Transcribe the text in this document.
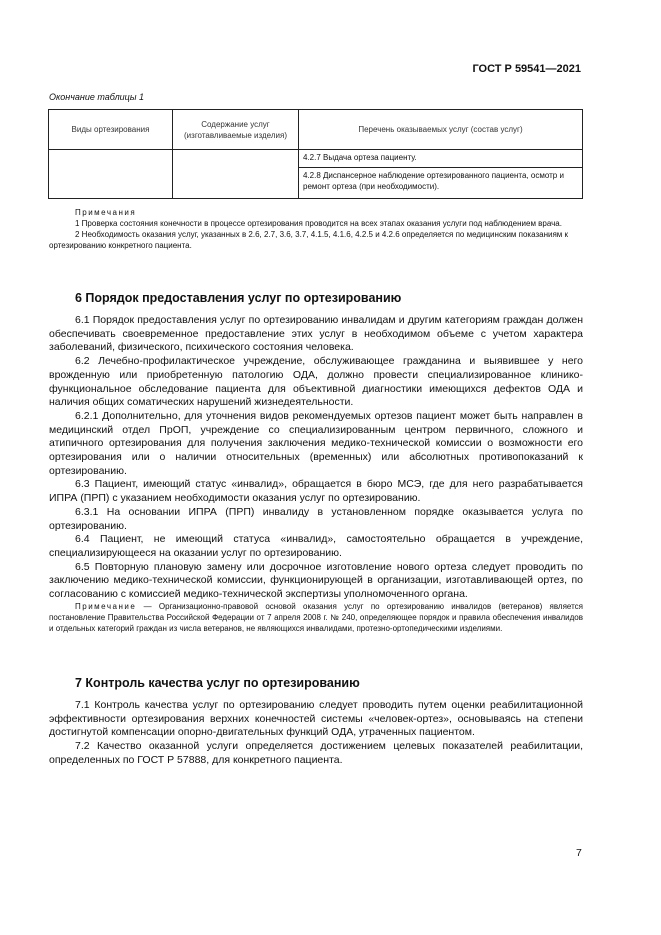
ГОСТ Р 59541—2021
Окончание таблицы 1
Виды ортезирования	Содержание услуг (изготавливаемые изделия)	Перечень оказываемых услуг (состав услуг)
		4.2.7 Выдача ортеза пациенту.
		4.2.8 Диспансерное наблюдение ортезированного пациента, осмотр и ремонт ортеза (при необходимости).

Примечания

1 Проверка состояния конечности в процессе ортезирования проводится на всех этапах оказания услуги под наблюдением врача.

2 Необходимость оказания услуг, указанных в 2.6, 2.7, 3.6, 3.7, 4.1.5, 4.1.6, 4.2.5 и 4.2.6 определяется по медицинским показаниям к ортезированию конкретного пациента.

6 Порядок предоставления услуг по ортезированию

6.1 Порядок предоставления услуг по ортезированию инвалидам и другим категориям граждан должен обеспечивать своевременное предоставление этих услуг в необходимом объеме с учетом характера заболеваний, физического, психического состояния человека.

6.2 Лечебно-профилактическое учреждение, обслуживающее гражданина и выявившее у него врожденную или приобретенную патологию ОДА, должно провести специализированное клинико-функциональное обследование пациента для объективной диагностики имеющихся дефектов ОДА и наличия общих соматических нарушений жизнедеятельности.

6.2.1 Дополнительно, для уточнения видов рекомендуемых ортезов пациент может быть направлен в медицинский отдел ПрОП, учреждение со специализированным центром первичного, сложного и атипичного ортезирования для получения заключения медико-технической комиссии о возможности его ортезирования или о наличии относительных (временных) или абсолютных противопоказаний к ортезированию.

6.3 Пациент, имеющий статус «инвалид», обращается в бюро МСЭ, где для него разрабатывается ИПРА (ПРП) с указанием необходимости оказания услуг по ортезированию.

6.3.1 На основании ИПРА (ПРП) инвалиду в установленном порядке оказывается услуга по ортезированию.

6.4 Пациент, не имеющий статуса «инвалид», самостоятельно обращается в учреждение, специализирующееся на оказании услуг по ортезированию.

6.5 Повторную плановую замену или досрочное изготовление нового ортеза следует проводить по заключению медико-технической комиссии, функционирующей в организации, изготавливающей ортез, по согласованию с комиссией медико-технической экспертизы уполномоченного органа.

Примечание — Организационно-правовой основой оказания услуг по ортезированию инвалидов (ветеранов) является постановление Правительства Российской Федерации от 7 апреля 2008 г. № 240, определяющее порядок и правила обеспечения инвалидов и отдельных категорий граждан из числа ветеранов, не являющихся инвалидами, протезно-ортопедическими изделиями.

7 Контроль качества услуг по ортезированию

7.1 Контроль качества услуг по ортезированию следует проводить путем оценки реабилитационной эффективности ортезирования верхних конечностей системы «человек-ортез», основываясь на степени достигнутой компенсации опорно-двигательных функций ОДА, утраченных пациентом.

7.2 Качество оказанной услуги определяется достижением целевых показателей реабилитации, определенных по ГОСТ Р 57888, для конкретного пациента.

7
